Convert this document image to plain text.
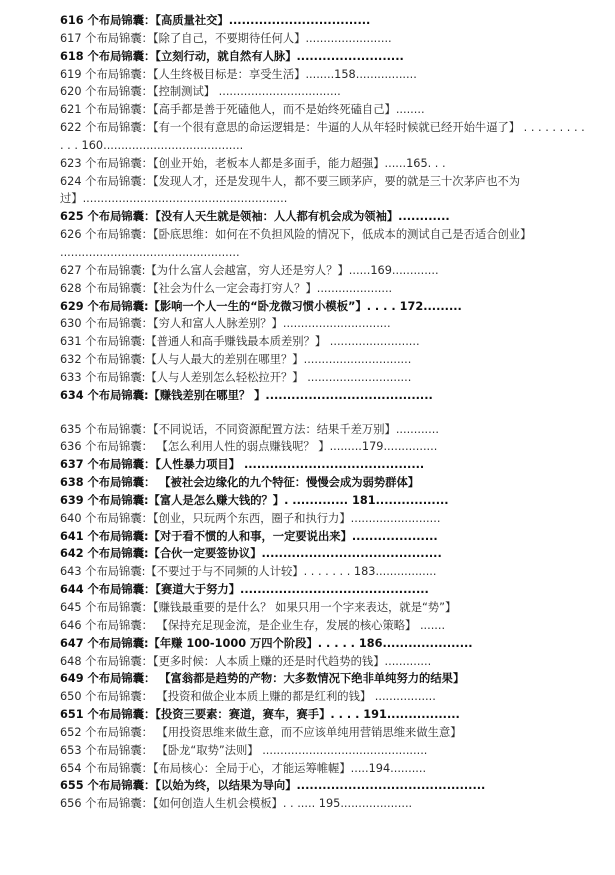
616 个布局锦囊：【高质量社交】.................................
617 个布局锦囊：【除了自己，不要期待任何人】........................
618 个布局锦囊：【立刻行动，就自然有人脉】.........................
619 个布局锦囊：【人生终极目标是：享受生活】........158.................
620 个布局锦囊：【控制测试】 ..................................
621 个布局锦囊：【高手都是善于死磕他人，而不是始终死磕自己】........
622 个布局锦囊：【有一个很有意思的命运逻辑是：牛逼的人从年轻时候就已经开始牛逼了】 . . . . . . . . . . . . 160.......................................
623 个布局锦囊：【创业开始，老板本人都是多面手，能力超强】......165. . .
624 个布局锦囊：【发现人才，还是发现牛人，都不要三顾茅庐，要的就是三十次茅庐也不为过】.........................................................
625 个布局锦囊：【没有人天生就是领袖：人人都有机会成为领袖】............
626 个布局锦囊：【卧底思维：如何在不负担风险的情况下，低成本的测试自己是否适合创业】 ..................................................
627 个布局锦囊:【为什么富人会越富，穷人还是穷人？】......169.............
628 个布局锦囊：【社会为什么一定会毒打穷人？】.....................
629 个布局锦囊:【影响一个人一生的“卧龙微习惯小模板”】. . . . 172.........
630 个布局锦囊：【穷人和富人人脉差别？】..............................
631 个布局锦囊:【普通人和高手赚钱最本质差别？】 .........................
632 个布局锦囊:【人与人最大的差别在哪里？】..............................
633 个布局锦囊:【人与人差别怎么轻松拉开？】 .............................
634 个布局锦囊:【赚钱差别在哪里？ 】.......................................
635 个布局锦囊：【不同说话，不同资源配置方法：结果千差万别】............
636 个布局锦囊： 【怎么利用人性的弱点赚钱呢？ 】.........179...............
637 个布局锦囊：【人性暴力项目】 ..........................................
638 个布局锦囊： 【被社会边缘化的九个特征：慢慢会成为弱势群体】
639 个布局锦囊:【富人是怎么赚大钱的？】. ............. 181.................
640 个布局锦囊：【创业，只玩两个东西，圈子和执行力】.........................
641 个布局锦囊:【对于看不惯的人和事，一定要说出来】....................
642 个布局锦囊:【合伙一定要签协议】..........................................
643 个布局锦囊:【不要过于与不同频的人计较】. . . . . . . 183.................
644 个布局锦囊：【赛道大于努力】............................................
645 个布局锦囊：【赚钱最重要的是什么？ 如果只用一个字来表达，就是“势”】
646 个布局锦囊： 【保持充足现金流，是企业生存，发展的核心策略】 .......
647 个布局锦囊:【年赚 100-1000 万四个阶段】. . . . . 186.....................
648 个布局锦囊：【更多时候：人本质上赚的还是时代趋势的钱】.............
649 个布局锦囊： 【富翁都是趋势的产物：大多数情况下绝非单纯努力的结果】
650 个布局锦囊： 【投资和做企业本质上赚的都是红利的钱】 .................
651 个布局锦囊：【投资三要素：赛道，赛车，赛手】. . . . 191.................
652 个布局锦囊： 【用投资思维来做生意，而不应该单纯用营销思维来做生意】
653 个布局锦囊： 【卧龙“取势”法则】 ..............................................
654 个布局锦囊：【布局核心：全局于心，才能运筹帷幄】.....194..........
655 个布局锦囊：【以始为终，以结果为导向】............................................
656 个布局锦囊：【如何创造人生机会模板】. . ..... 195....................
